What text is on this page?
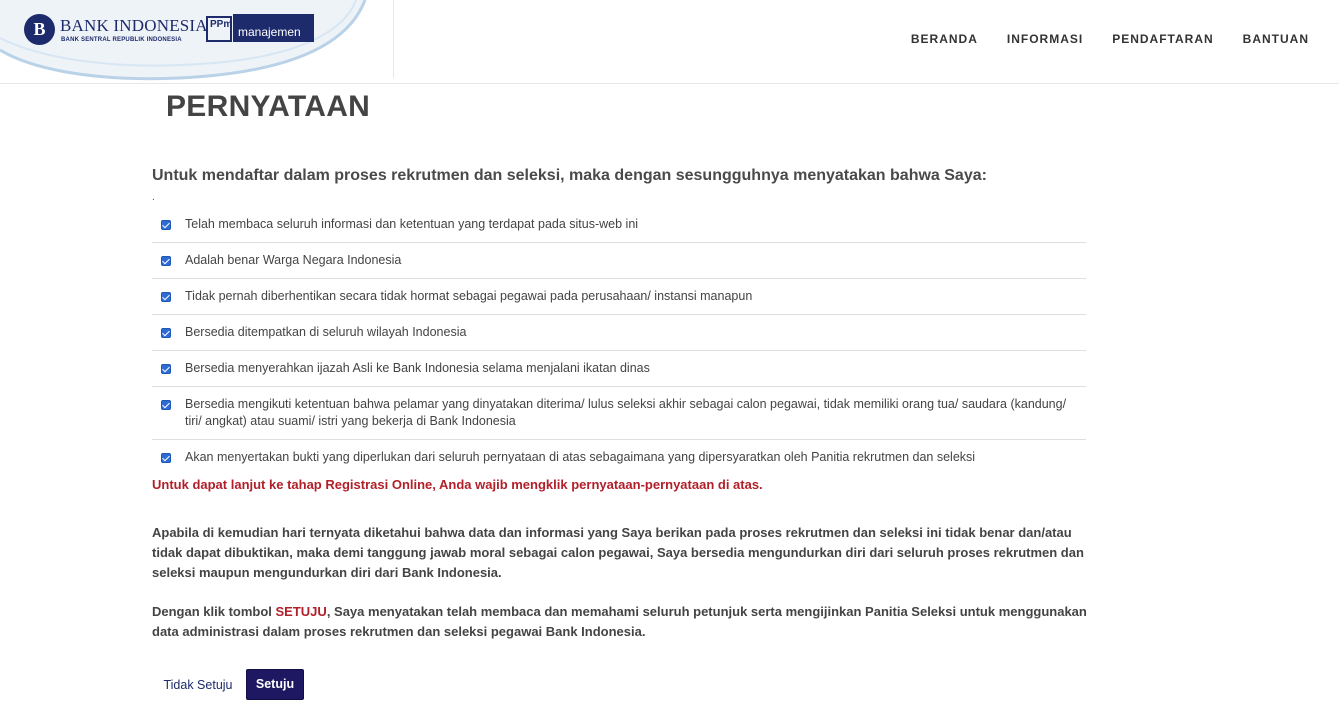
B BANK INDONESIA
BANK SENTRAL REPUBLIK INDONESIA
PPm
manajemen	BERANDA INFORMASI PENDAFTARAN BANTUAN
PERNYATAAN
Untuk mendaftar dalam proses rekrutmen dan seleksi, maka dengan sesungguhnya menyatakan bahwa Saya:
.
Telah membaca seluruh informasi dan ketentuan yang terdapat pada situs-web ini
Adalah benar Warga Negara Indonesia
Tidak pernah diberhentikan secara tidak hormat sebagai pegawai pada perusahaan/ instansi manapun
Bersedia ditempatkan di seluruh wilayah Indonesia
Bersedia menyerahkan ijazah Asli ke Bank Indonesia selama menjalani ikatan dinas
Bersedia mengikuti ketentuan bahwa pelamar yang dinyatakan diterima/ lulus seleksi akhir sebagai calon pegawai, tidak memiliki orang tua/ saudara (kandung/ tiri/ angkat) atau suami/ istri yang bekerja di Bank Indonesia
Akan menyertakan bukti yang diperlukan dari seluruh pernyataan di atas sebagaimana yang dipersyaratkan oleh Panitia rekrutmen dan seleksi
Untuk dapat lanjut ke tahap Registrasi Online, Anda wajib mengklik pernyataan-pernyataan di atas.

Apabila di kemudian hari ternyata diketahui bahwa data dan informasi yang Saya berikan pada proses rekrutmen dan seleksi ini tidak benar dan/atau tidak dapat dibuktikan, maka demi tanggung jawab moral sebagai calon pegawai, Saya bersedia mengundurkan diri dari seluruh proses rekrutmen dan seleksi maupun mengundurkan diri dari Bank Indonesia.

Dengan klik tombol SETUJU, Saya menyatakan telah membaca dan memahami seluruh petunjuk serta mengijinkan Panitia Seleksi untuk menggunakan data administrasi dalam proses rekrutmen dan seleksi pegawai Bank Indonesia.

Tidak Setuju	Setuju
